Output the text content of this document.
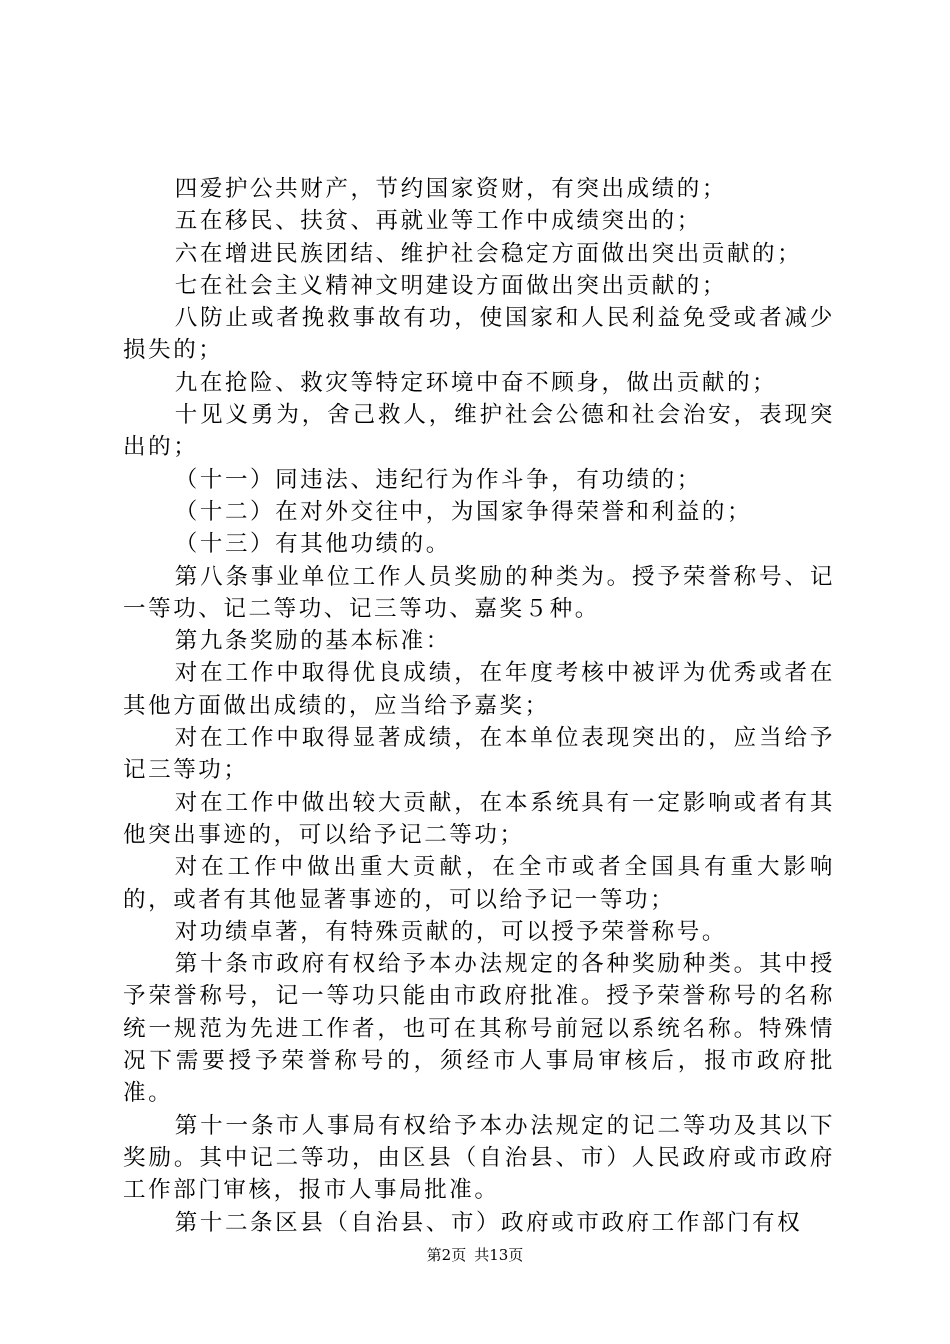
四爱护公共财产，节约国家资财，有突出成绩的；

五在移民、扶贫、再就业等工作中成绩突出的；

六在增进民族团结、维护社会稳定方面做出突出贡献的；

七在社会主义精神文明建设方面做出突出贡献的；

八防止或者挽救事故有功，使国家和人民利益免受或者减少损失的；

九在抢险、救灾等特定环境中奋不顾身，做出贡献的；

十见义勇为，舍己救人，维护社会公德和社会治安，表现突出的；

（十一）同违法、违纪行为作斗争，有功绩的；

（十二）在对外交往中，为国家争得荣誉和利益的；

（十三）有其他功绩的。

第八条事业单位工作人员奖励的种类为。授予荣誉称号、记一等功、记二等功、记三等功、嘉奖５种。

第九条奖励的基本标准：

对在工作中取得优良成绩，在年度考核中被评为优秀或者在其他方面做出成绩的，应当给予嘉奖；

对在工作中取得显著成绩，在本单位表现突出的，应当给予记三等功；

对在工作中做出较大贡献，在本系统具有一定影响或者有其他突出事迹的，可以给予记二等功；

对在工作中做出重大贡献，在全市或者全国具有重大影响的，或者有其他显著事迹的，可以给予记一等功；

对功绩卓著，有特殊贡献的，可以授予荣誉称号。

第十条市政府有权给予本办法规定的各种奖励种类。其中授予荣誉称号，记一等功只能由市政府批准。授予荣誉称号的名称统一规范为先进工作者，也可在其称号前冠以系统名称。特殊情况下需要授予荣誉称号的，须经市人事局审核后，报市政府批准。

第十一条市人事局有权给予本办法规定的记二等功及其以下奖励。其中记二等功，由区县（自治县、市）人民政府或市政府工作部门审核，报市人事局批准。

第十二条区县（自治县、市）政府或市政府工作部门有权

第2页 共13页
